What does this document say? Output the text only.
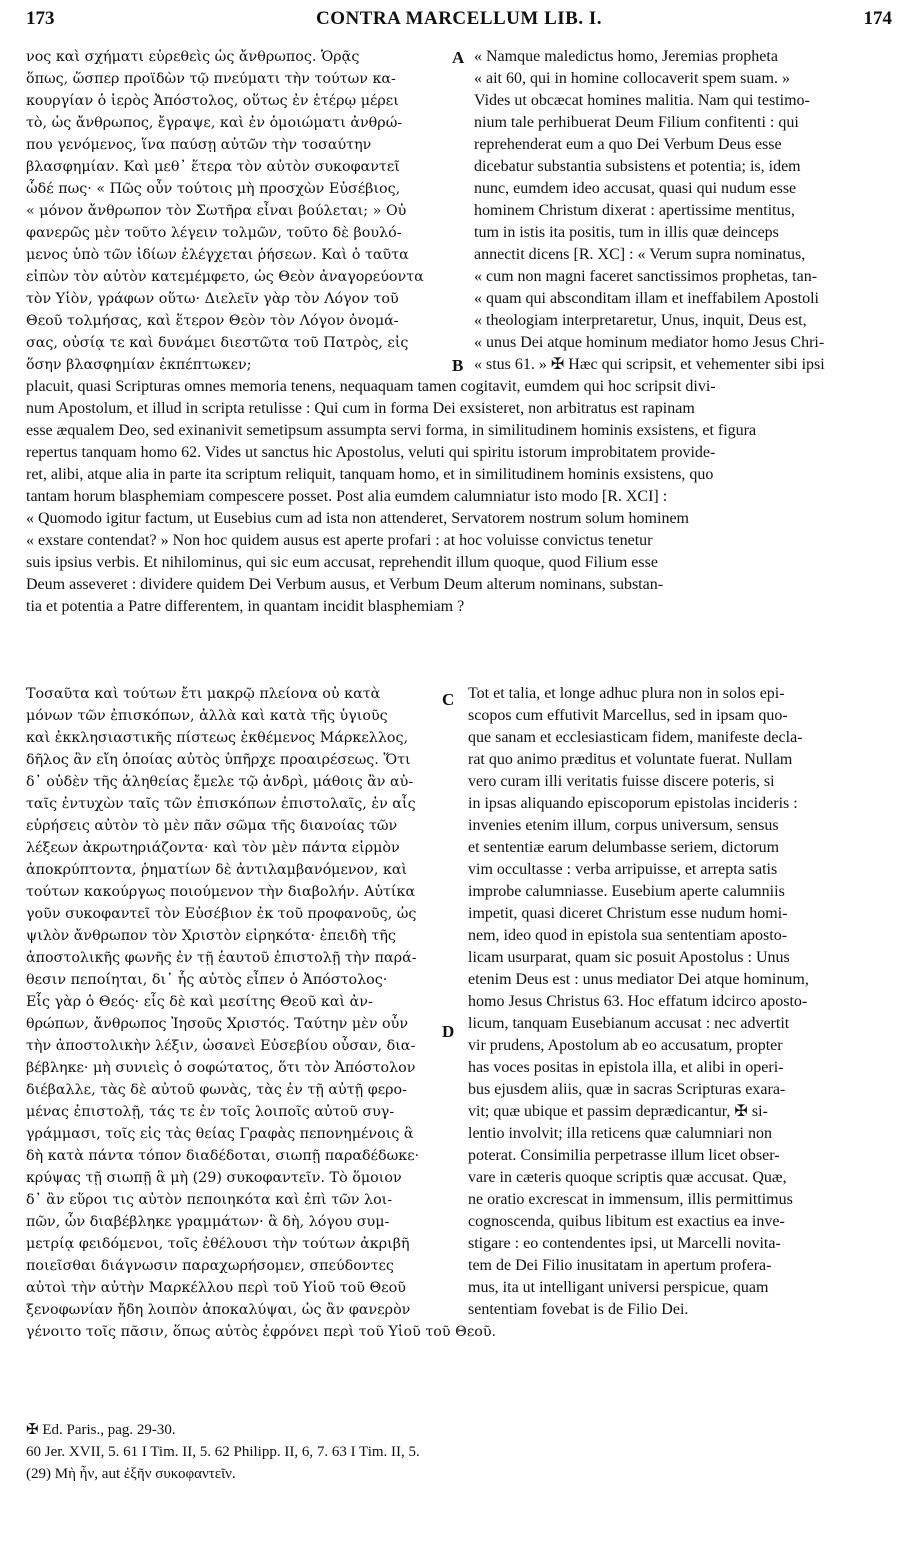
173	CONTRA MARCELLUM LIB. I.	174
A
B
C
D
νος καὶ σχήματι εὑρεθεὶς ὡς ἄνθρωπος. Ὁρᾷς
ὅπως, ὥσπερ προϊδὼν τῷ πνεύματι τὴν τούτων κα-
κουργίαν ὁ ἱερὸς Ἀπόστολος, οὕτως ἐν ἑτέρῳ μέρει
τὸ, ὡς ἄνθρωπος, ἔγραψε, καὶ ἐν ὁμοιώματι ἀνθρώ-
που γενόμενος, ἵνα παύσῃ αὐτῶν τὴν τοσαύτην
βλασφημίαν. Καὶ μεθ᾽ ἕτερα τὸν αὐτὸν συκοφαντεῖ
ὧδέ πως· « Πῶς οὖν τούτοις μὴ προσχὼν Εὐσέβιος,
« μόνον ἄνθρωπον τὸν Σωτῆρα εἶναι βούλεται; » Οὐ
φανερῶς μὲν τοῦτο λέγειν τολμῶν, τοῦτο δὲ βουλό-
μενος ὑπὸ τῶν ἰδίων ἐλέγχεται ῥήσεων. Καὶ ὁ ταῦτα
εἰπὼν τὸν αὐτὸν κατεμέμφετο, ὡς Θεὸν ἀναγορεύοντα
τὸν Υἱὸν, γράφων οὕτω· Διελεῖν γὰρ τὸν Λόγον τοῦ
Θεοῦ τολμήσας, καὶ ἕτερον Θεὸν τὸν Λόγον ὀνομά-
σας, οὐσίᾳ τε καὶ δυνάμει διεστῶτα τοῦ Πατρὸς, εἰς
ὅσην βλασφημίαν ἐκπέπτωκεν;
« Namque maledictus homo, Jeremias propheta
« ait 60, qui in homine collocaverit spem suam. »
Vides ut obcæcat homines malitia. Nam qui testimo-
nium tale perhibuerat Deum Filium confitenti : qui
reprehenderat eum a quo Dei Verbum Deus esse
dicebatur substantia subsistens et potentia; is, idem
nunc, eumdem ideo accusat, quasi qui nudum esse
hominem Christum dixerat : apertissime mentitus,
tum in istis ita positis, tum in illis quæ deinceps
annectit dicens [R. XC] : « Verum supra nominatus,
« cum non magni faceret sanctissimos prophetas, tan-
« quam qui absconditam illam et ineffabilem Apostoli
« theologiam interpretaretur, Unus, inquit, Deus est,
« unus Dei atque hominum mediator homo Jesus Chri-
« stus 61. » ✠ Hæc qui scripsit, et vehementer sibi ipsi
placuit, quasi Scripturas omnes memoria tenens, nequaquam tamen cogitavit, eumdem qui hoc scripsit divi-
num Apostolum, et illud in scripta retulisse : Qui cum in forma Dei exsisteret, non arbitratus est rapinam
esse æqualem Deo, sed exinanivit semetipsum assumpta servi forma, in similitudinem hominis exsistens, et figura
repertus tanquam homo 62. Vides ut sanctus hic Apostolus, veluti qui spiritu istorum improbitatem provide-
ret, alibi, atque alia in parte ita scriptum reliquit, tanquam homo, et in similitudinem hominis exsistens, quo
tantam horum blasphemiam compescere posset. Post alia eumdem calumniatur isto modo [R. XCI] :
« Quomodo igitur factum, ut Eusebius cum ad ista non attenderet, Servatorem nostrum solum hominem
« exstare contendat? » Non hoc quidem ausus est aperte profari : at hoc voluisse convictus tenetur
suis ipsius verbis. Et nihilominus, qui sic eum accusat, reprehendit illum quoque, quod Filium esse
Deum asseveret : dividere quidem Dei Verbum ausus, et Verbum Deum alterum nominans, substan-
tia et potentia a Patre differentem, in quantam incidit blasphemiam ?
Τοσαῦτα καὶ τούτων ἔτι μακρῷ πλείονα οὐ κατὰ
μόνων τῶν ἐπισκόπων, ἀλλὰ καὶ κατὰ τῆς ὑγιοῦς
καὶ ἐκκλησιαστικῆς πίστεως ἐκθέμενος Μάρκελλος,
δῆλος ἂν εἴη ὁποίας αὐτὸς ὑπῆρχε προαιρέσεως. Ὅτι
δ᾽ οὐδὲν τῆς ἀληθείας ἔμελε τῷ ἀνδρὶ, μάθοις ἂν αὐ-
ταῖς ἐντυχὼν ταῖς τῶν ἐπισκόπων ἐπιστολαῖς, ἐν αἷς
εὑρήσεις αὐτὸν τὸ μὲν πᾶν σῶμα τῆς διανοίας τῶν
λέξεων ἀκρωτηριάζοντα· καὶ τὸν μὲν πάντα εἱρμὸν
ἀποκρύπτοντα, ῥηματίων δὲ ἀντιλαμβανόμενον, καὶ
τούτων κακούργως ποιούμενον τὴν διαβολήν. Αὐτίκα
γοῦν συκοφαντεῖ τὸν Εὐσέβιον ἐκ τοῦ προφανοῦς, ὡς
ψιλὸν ἄνθρωπον τὸν Χριστὸν εἰρηκότα· ἐπειδὴ τῆς
ἀποστολικῆς φωνῆς ἐν τῇ ἑαυτοῦ ἐπιστολῇ τὴν παρά-
θεσιν πεποίηται, δι᾽ ἧς αὐτὸς εἶπεν ὁ Ἀπόστολος·
Εἷς γὰρ ὁ Θεός· εἷς δὲ καὶ μεσίτης Θεοῦ καὶ ἀν-
θρώπων, ἄνθρωπος Ἰησοῦς Χριστός. Ταύτην μὲν οὖν
τὴν ἀποστολικὴν λέξιν, ὡσανεὶ Εὐσεβίου οὖσαν, δια-
βέβληκε· μὴ συνιεὶς ὁ σοφώτατος, ὅτι τὸν Ἀπόστολον
διέβαλλε, τὰς δὲ αὐτοῦ φωνὰς, τὰς ἐν τῇ αὐτῇ φερο-
μένας ἐπιστολῇ, τάς τε ἐν τοῖς λοιποῖς αὐτοῦ συγ-
γράμμασι, τοῖς εἰς τὰς θείας Γραφὰς πεπονημένοις ἃ
δὴ κατὰ πάντα τόπον διαδέδοται, σιωπῇ παραδέδωκε·
κρύψας τῇ σιωπῇ ἃ μὴ (29) συκοφαντεῖν. Τὸ ὅμοιον
δ᾽ ἂν εὕροι τις αὐτὸν πεποιηκότα καὶ ἐπὶ τῶν λοι-
πῶν, ὧν διαβέβληκε γραμμάτων· ἃ δὴ, λόγου συμ-
μετρίᾳ φειδόμενοι, τοῖς ἐθέλουσι τὴν τούτων ἀκριβῆ
ποιεῖσθαι διάγνωσιν παραχωρήσομεν, σπεύδοντες
αὐτοὶ τὴν αὐτὴν Μαρκέλλου περὶ τοῦ Υἱοῦ τοῦ Θεοῦ
ξενοφωνίαν ἤδη λοιπὸν ἀποκαλύψαι, ὡς ἂν φανερὸν
γένοιτο τοῖς πᾶσιν, ὅπως αὐτὸς ἐφρόνει περὶ τοῦ Υἱοῦ τοῦ Θεοῦ.
Tot et talia, et longe adhuc plura non in solos epi-
scopos cum effutivit Marcellus, sed in ipsam quo-
que sanam et ecclesiasticam fidem, manifeste decla-
rat quo animo præditus et voluntate fuerat. Nullam
vero curam illi veritatis fuisse discere poteris, si
in ipsas aliquando episcoporum epistolas incideris :
invenies etenim illum, corpus universum, sensus
et sententiæ earum delumbasse seriem, dictorum
vim occultasse : verba arripuisse, et arrepta satis
improbe calumniasse. Eusebium aperte calumniis
impetit, quasi diceret Christum esse nudum homi-
nem, ideo quod in epistola sua sententiam aposto-
licam usurparat, quam sic posuit Apostolus : Unus
etenim Deus est : unus mediator Dei atque hominum,
homo Jesus Christus 63. Hoc effatum idcirco aposto-
licum, tanquam Eusebianum accusat : nec advertit
vir prudens, Apostolum ab eo accusatum, propter
has voces positas in epistola illa, et alibi in operi-
bus ejusdem aliis, quæ in sacras Scripturas exara-
vit; quæ ubique et passim deprædicantur, ✠ si-
lentio involvit; illa reticens quæ calumniari non
poterat. Consimilia perpetrasse illum licet obser-
vare in cæteris quoque scriptis quæ accusat. Quæ,
ne oratio excrescat in immensum, illis permittimus
cognoscenda, quibus libitum est exactius ea inve-
stigare : eo contendentes ipsi, ut Marcelli novita-
tem de Dei Filio inusitatam in apertum profera-
mus, ita ut intelligant universi perspicue, quam
sententiam fovebat is de Filio Dei.
✠ Ed. Paris., pag. 29-30.
60 Jer. XVII, 5. 61 I Tim. II, 5. 62 Philipp. II, 6, 7. 63 I Tim. II, 5.
(29) Μὴ ἦν, aut ἐξῆν συκοφαντεῖν.
